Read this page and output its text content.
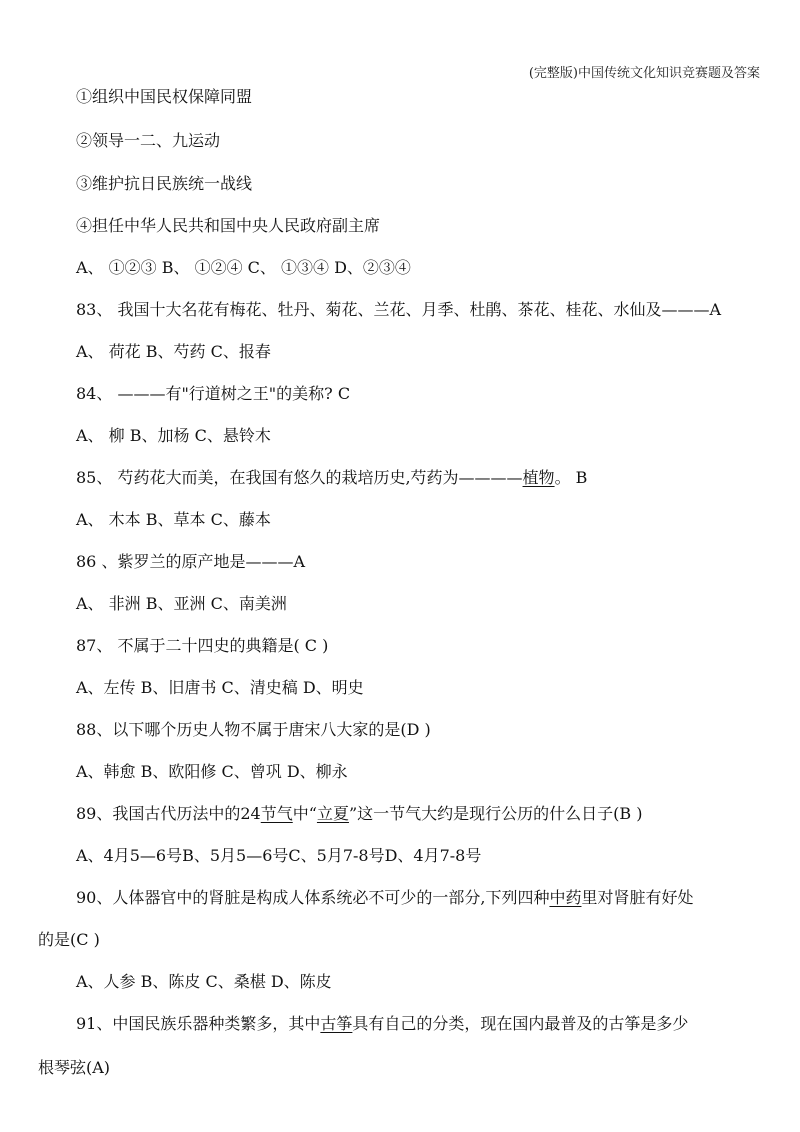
(完整版)中国传统文化知识竞赛题及答案
①组织中国民权保障同盟
②领导一二、九运动
③维护抗日民族统一战线
④担任中华人民共和国中央人民政府副主席
A、 ①②③ B、 ①②④ C、 ①③④ D、②③④
83、 我国十大名花有梅花、牡丹、菊花、兰花、月季、杜鹃、茶花、桂花、水仙及———A
A、 荷花 B、芍药 C、报春
84、 ———有"行道树之王"的美称? C
A、 柳 B、加杨 C、悬铃木
85、 芍药花大而美，在我国有悠久的栽培历史,芍药为————植物。 B
A、 木本 B、草本 C、藤本
86 、紫罗兰的原产地是———A
A、 非洲 B、亚洲 C、南美洲
87、 不属于二十四史的典籍是( C )
A、左传 B、旧唐书 C、清史稿 D、明史
88、以下哪个历史人物不属于唐宋八大家的是(D )
A、韩愈 B、欧阳修 C、曾巩 D、柳永
89、我国古代历法中的24节气中“立夏”这一节气大约是现行公历的什么日子(B )
A、4月5—6号B、5月5—6号C、5月7-8号D、4月7-8号
90、人体器官中的肾脏是构成人体系统必不可少的一部分,下列四种中药里对肾脏有好处
的是(C )
A、人参 B、陈皮 C、桑椹 D、陈皮
91、中国民族乐器种类繁多，其中古筝具有自己的分类，现在国内最普及的古筝是多少
根琴弦(A)
